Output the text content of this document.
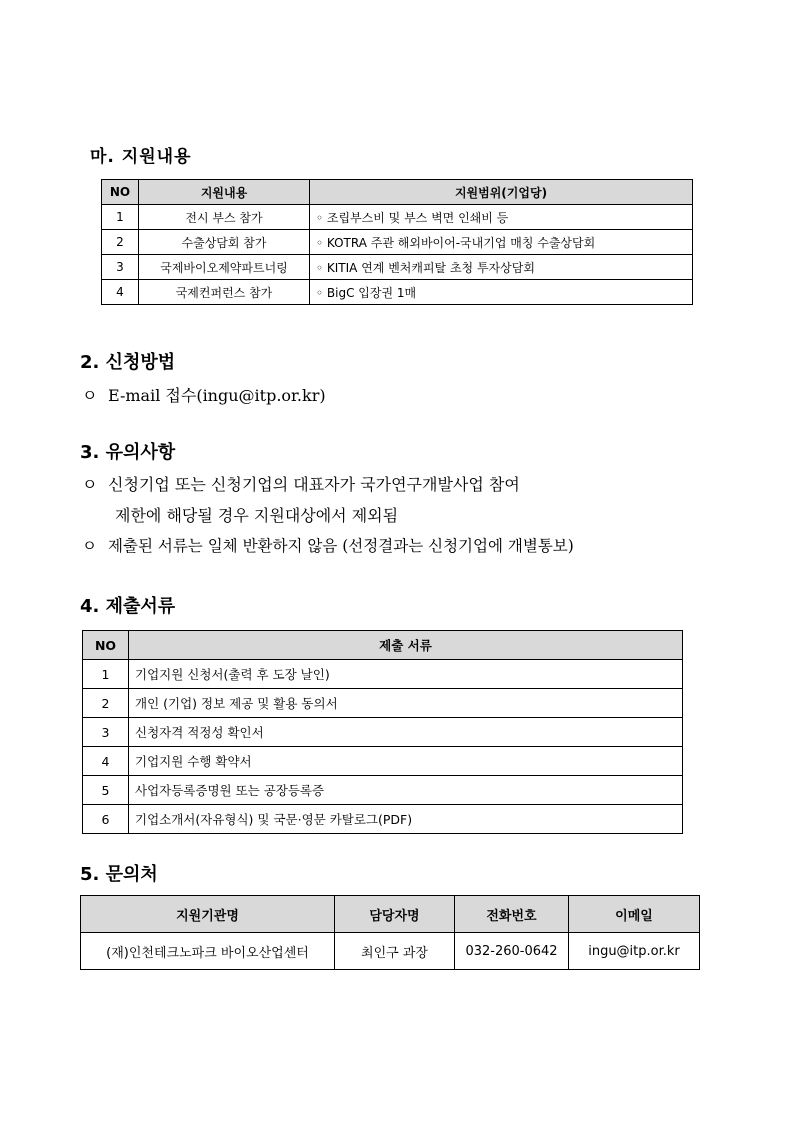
마. 지원내용
NO	지원내용	지원범위(기업당)
1	전시 부스 참가	◦ 조립부스비 및 부스 벽면 인쇄비 등
2	수출상담회 참가	◦ KOTRA 주관 해외바이어-국내기업 매칭 수출상담회
3	국제바이오제약파트너링	◦ KITIA 연계 벤처캐피탈 초청 투자상담회
4	국제컨퍼런스 참가	◦ BigC 입장권 1매
2. 신청방법
ㅇ E-mail 접수(ingu@itp.or.kr)
3. 유의사항
ㅇ 신청기업 또는 신청기업의 대표자가 국가연구개발사업 참여
제한에 해당될 경우 지원대상에서 제외됨
ㅇ 제출된 서류는 일체 반환하지 않음 (선정결과는 신청기업에 개별통보)
4. 제출서류
NO	제출 서류
1	기업지원 신청서(출력 후 도장 날인)
2	개인 (기업) 정보 제공 및 활용 동의서
3	신청자격 적정성 확인서
4	기업지원 수행 확약서
5	사업자등록증명원 또는 공장등록증
6	기업소개서(자유형식) 및 국문·영문 카탈로그(PDF)
5. 문의처
지원기관명	담당자명	전화번호	이메일
(재)인천테크노파크 바이오산업센터	최인구 과장	032-260-0642	ingu@itp.or.kr
